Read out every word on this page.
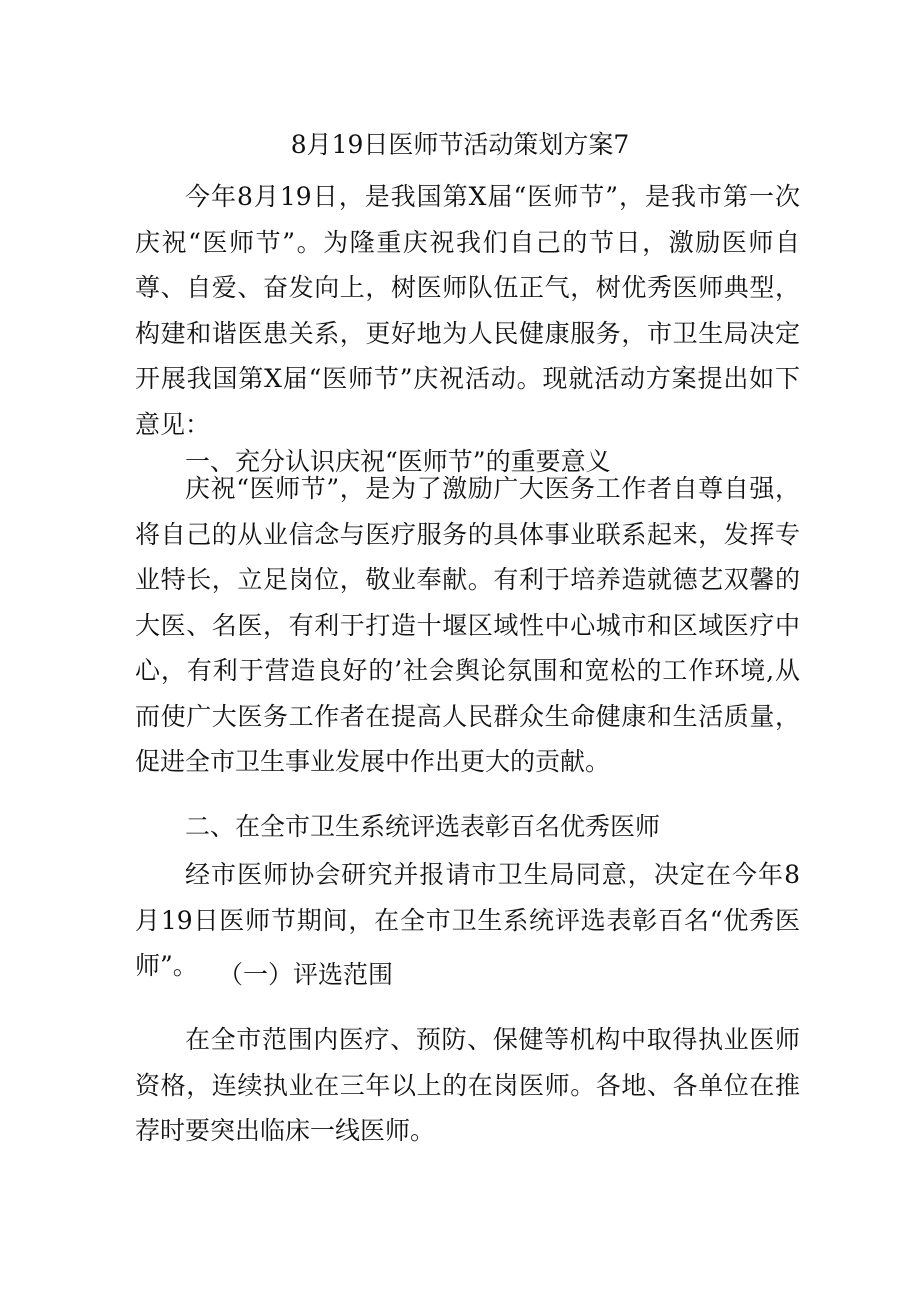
8月19日医师节活动策划方案7

今年8月19日，是我国第X届“医师节”，是我市第一次庆祝“医师节”。为隆重庆祝我们自己的节日，激励医师自尊、自爱、奋发向上，树医师队伍正气，树优秀医师典型，构建和谐医患关系，更好地为人民健康服务，市卫生局决定开展我国第X届“医师节”庆祝活动。现就活动方案提出如下意见：

一、充分认识庆祝“医师节”的重要意义

庆祝“医师节”，是为了激励广大医务工作者自尊自强，将自己的从业信念与医疗服务的具体事业联系起来，发挥专业特长，立足岗位，敬业奉献。有利于培养造就德艺双馨的大医、名医，有利于打造十堰区域性中心城市和区域医疗中心，有利于营造良好的’社会舆论氛围和宽松的工作环境,从而使广大医务工作者在提高人民群众生命健康和生活质量，促进全市卫生事业发展中作出更大的贡献。

二、在全市卫生系统评选表彰百名优秀医师

经市医师协会研究并报请市卫生局同意，决定在今年8月19日医师节期间，在全市卫生系统评选表彰百名“优秀医师”。 （一）评选范围

在全市范围内医疗、预防、保健等机构中取得执业医师资格，连续执业在三年以上的在岗医师。各地、各单位在推荐时要突出临床一线医师。
